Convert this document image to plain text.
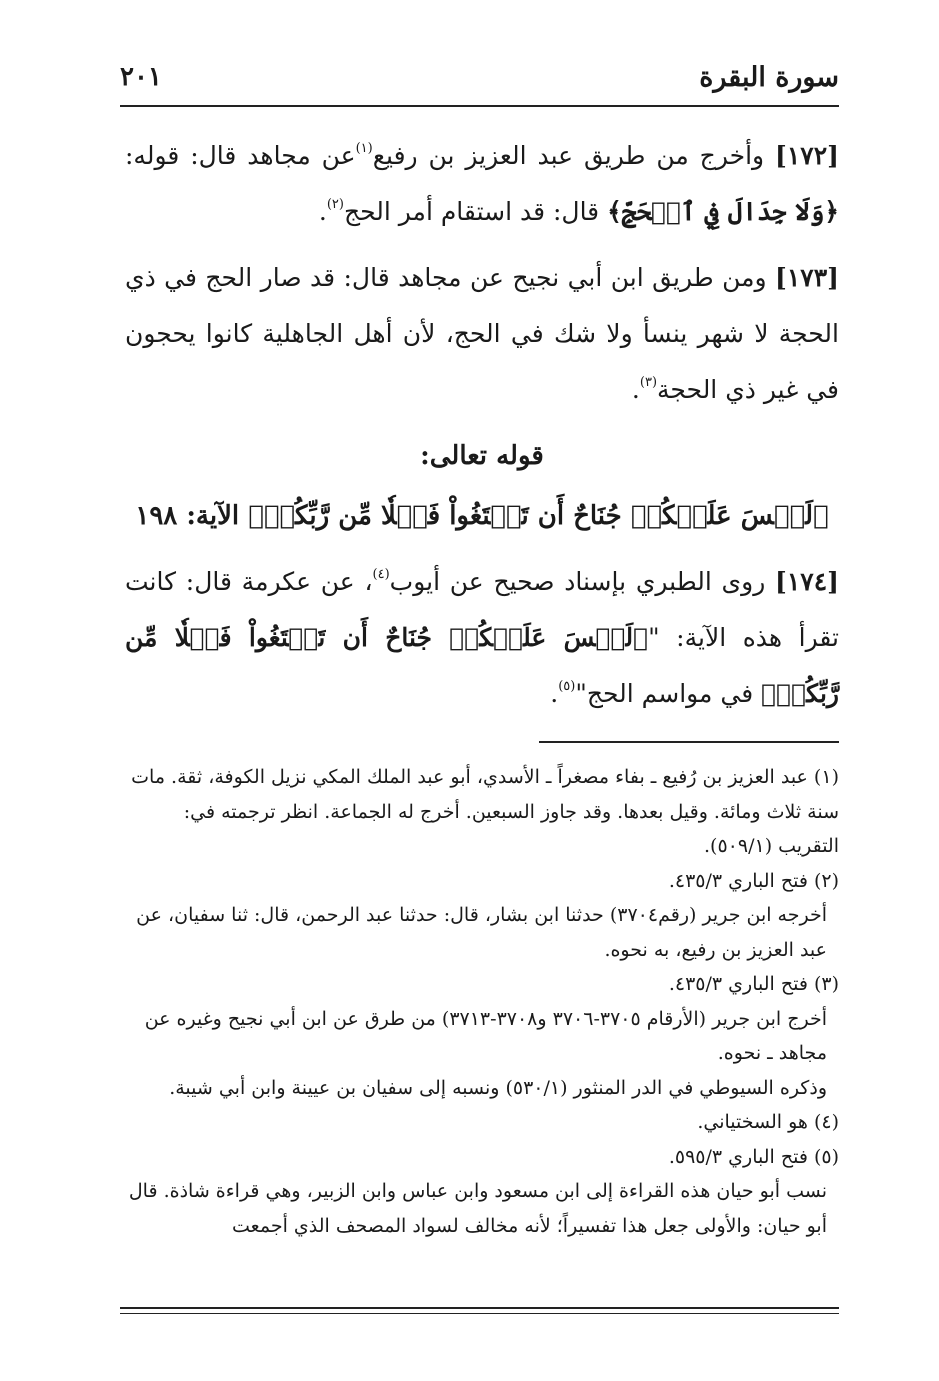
سورة البقرة
٢٠١

[١٧٢] وأخرج من طريق عبد العزيز بن رفيع$^{(١)}$عن مجاهد قال: قوله: ﴿وَلَا جِدَالَ فِي ٱلۡحَجِّ﴾ قال: قد استقام أمر الحج$^{(٢)}$.

[١٧٣] ومن طريق ابن أبي نجيح عن مجاهد قال: قد صار الحج في ذي الحجة لا شهر ينسأ ولا شك في الحج، لأن أهل الجاهلية كانوا يحجون في غير ذي الحجة$^{(٣)}$.

قوله تعالى:
﴿لَيۡسَ عَلَيۡكُمۡ جُنَاحٌ أَن تَبۡتَغُواْ فَضۡلٗا مِّن رَّبِّكُمۡ﴾ الآية: ١٩٨

[١٧٤] روى الطبري بإسناد صحيح عن أيوب$^{(٤)}$، عن عكرمة قال: كانت تقرأ هذه الآية: "﴿لَيۡسَ عَلَيۡكُمۡ جُنَاحٌ أَن تَبۡتَغُواْ فَضۡلٗا مِّن رَّبِّكُمۡ﴾ في مواسم الحج"$^{(٥)}$.

(١) عبد العزيز بن رُفيع ـ بفاء مصغراً ـ الأسدي، أبو عبد الملك المكي نزيل الكوفة، ثقة. مات سنة ثلاث ومائة. وقيل بعدها. وقد جاوز السبعين. أخرج له الجماعة. انظر ترجمته في: التقريب (٥٠٩/١).

(٢) فتح الباري ٤٣٥/٣.

أخرجه ابن جرير (رقم٣٧٠٤) حدثنا ابن بشار، قال: حدثنا عبد الرحمن، قال: ثنا سفيان، عن عبد العزيز بن رفيع، به نحوه.

(٣) فتح الباري ٤٣٥/٣.

أخرج ابن جرير (الأرقام ٣٧٠٥-٣٧٠٦ و٣٧٠٨-٣٧١٣) من طرق عن ابن أبي نجيح وغيره عن مجاهد ـ نحوه.

وذكره السيوطي في الدر المنثور (٥٣٠/١) ونسبه إلى سفيان بن عيينة وابن أبي شيبة.

(٤) هو السختياني.

(٥) فتح الباري ٥٩٥/٣.

نسب أبو حيان هذه القراءة إلى ابن مسعود وابن عباس وابن الزبير، وهي قراءة شاذة. قال أبو حيان: والأولى جعل هذا تفسيراً؛ لأنه مخالف لسواد المصحف الذي أجمعت
